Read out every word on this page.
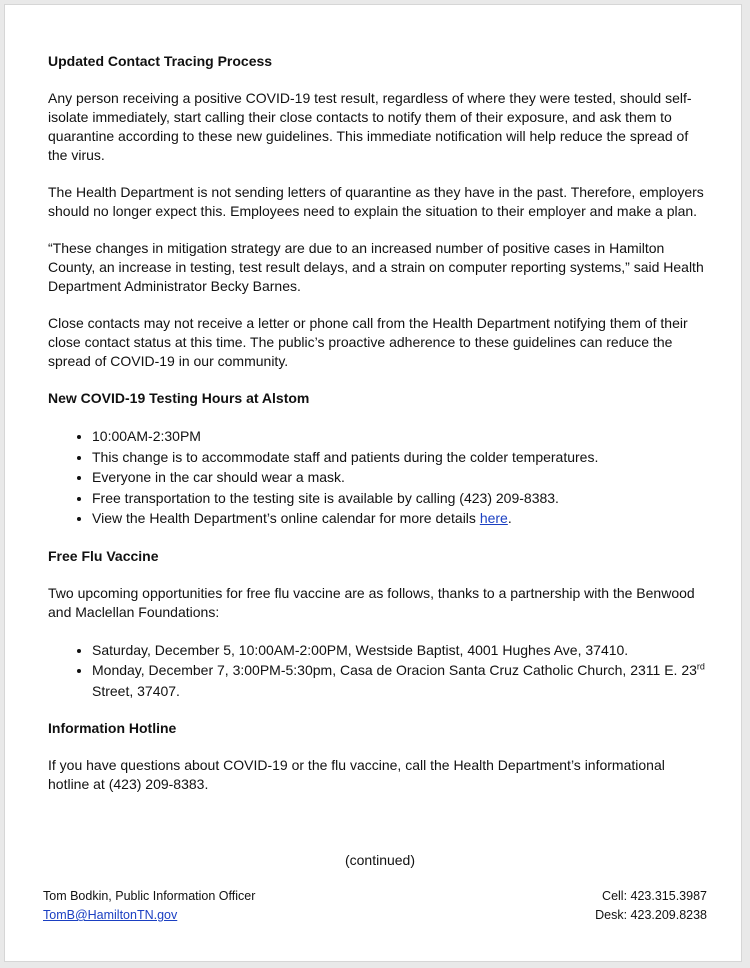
Updated Contact Tracing Process

Any person receiving a positive COVID-19 test result, regardless of where they were tested, should self-isolate immediately, start calling their close contacts to notify them of their exposure, and ask them to quarantine according to these new guidelines. This immediate notification will help reduce the spread of the virus.

The Health Department is not sending letters of quarantine as they have in the past. Therefore, employers should no longer expect this. Employees need to explain the situation to their employer and make a plan.

“These changes in mitigation strategy are due to an increased number of positive cases in Hamilton County, an increase in testing, test result delays, and a strain on computer reporting systems,” said Health Department Administrator Becky Barnes.

Close contacts may not receive a letter or phone call from the Health Department notifying them of their close contact status at this time. The public’s proactive adherence to these guidelines can reduce the spread of COVID-19 in our community.

New COVID-19 Testing Hours at Alstom
• 10:00AM-2:30PM
• This change is to accommodate staff and patients during the colder temperatures.
• Everyone in the car should wear a mask.
• Free transportation to the testing site is available by calling (423) 209-8383.
• View the Health Department’s online calendar for more details here.
Free Flu Vaccine

Two upcoming opportunities for free flu vaccine are as follows, thanks to a partnership with the Benwood and Maclellan Foundations:

• Saturday, December 5, 10:00AM-2:00PM, Westside Baptist, 4001 Hughes Ave, 37410.
• Monday, December 7, 3:00PM-5:30pm, Casa de Oracion Santa Cruz Catholic Church, 2311 E. 23rd Street, 37407.
Information Hotline

If you have questions about COVID-19 or the flu vaccine, call the Health Department’s informational hotline at (423) 209-8383.

(continued)
Tom Bodkin, Public Information Officer
TomB@HamiltonTN.gov
Cell: 423.315.3987
Desk: 423.209.8238
